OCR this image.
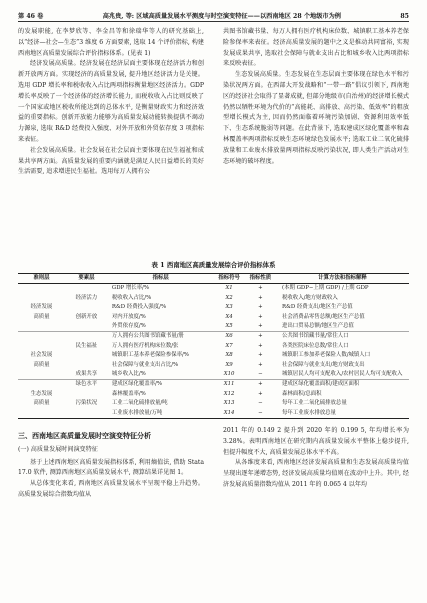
第 46 卷	高兆贵, 等: 区域高质量发展水平测度与时空演变特征——以西南地区 28 个地级市为例	85

的发展职能, 在李梦欣等、李金昌等和徐瑞华等人的研究基础上, 以“经济—社会—生态”3 维度 6 方面要素, 选取 14 个评价指标, 构建西南地区高质量发展综合评价指标体系。(见表 1)

经济发展高质量。经济发展在经济层面主要体现在经济活力和创新开放两方面。实现经济的高质量发展, 提升地区经济活力是关键。选用 GDP 增长率和税收收入占比两项指标衡量地区经济活力。GDP 增长率反映了一个经济体的经济增长能力, 而税收收入占比则反映了一个国家或地区税收所能达到的总体水平, 是衡量财政实力和经济效益的重要指标。创新开放能力能够为高质量发展动能转换提供不竭动力源泉, 选取 R&D 经费投入强度、对外开放和外贸依存度 3 项指标来表征。

社会发展高质量。社会发展在社会层面主要体现在民生福祉和成果共享两方面。高质量发展的重要内涵就是满足人民日益增长的美好生活需要, 追求增进民生福祉。选用每万人拥有公

共图书馆藏书量、每万人拥有医疗机构床位数、城镇职工基本养老保险参保率来表征。经济高质量发展的题中之义是推动共同富裕, 实现发展成果共享, 选取社会保障与就业支出占比和城乡收入比两项指标来反映表征。

生态发展高质量。生态发展在生态层面主要体现在绿色水平和污染状况两方面。在西部大开发战略和“一带一路”倡议引领下, 西南地区的经济社会取得了显著成就, 但部分地级市(自治州)的经济增长模式仍然以牺牲环境为代价的“高能耗、高排放、高污染、低效率”的粗放型增长模式为主, 因而仍然面临着环境污染加剧、资源利用效率低下、生态系统脆弱等问题。在此背景下, 选取建成区绿化覆盖率和森林覆盖率两项指标反映生态环境绿色发展水平; 选取工业二氧化硫排放量和工业废水排放量两项指标反映污染状况, 即人类生产活动对生态环境的破坏程度。

表 1 西南地区高质量发展综合评价指标体系
准则层	要素层	指标层	指标符号	指标性质	计算方法和指标解释
		GDP 增长率/%	X1	+	(本期 GDP−上期 GDP) /上期 GDP
	经济活力	税收收入占比/%	X2	+	税收收入/地方财政收入
经济发展		R&D 经费投入强度/%	X3	+	R&D 经费支出/地区生产总值
高质量	创新开放	对内开放度/%	X4	+	社会消费品零售总额/地区生产总值
		外贸依存度/%	X5	+	进出口贸易总额/地区生产总值
		万人拥有公共图书馆藏书量/册	X6	+	公共图书馆藏书量/常住人口
	民生福祉	万人拥有医疗机构床位数/张	X7	+	各类医院床位总数/常住人口
社会发展		城镇职工基本养老保险参保率/%	X8	+	城镇职工参加养老保险人数/城镇人口
高质量		社会保障与就业支出占比/%	X9	+	社会保障与就业支出/地方财政支出
	成果共享	城乡收入比/%	X10	−	城镇居民人均可支配收入/农村居民人均可支配收入
	绿色水平	建成区绿化覆盖率/%	X11	+	建成区绿化覆盖面积/建成区面积
生态发展		森林覆盖率/%	X12	+	森林面积/总面积
高质量	污染状况	工业二氧化硫排放量/吨	X13	−	每年工业二氧化硫排放总量
		工业废水排放量/万吨	X14	−	每年工业废水排放总量

三、西南地区高质量发展时空演变特征分析

(一) 高质量发展时间演变特征

基于上述西南地区高质量发展指标体系, 利用熵值法, 借助 Stata 17.0 软件, 测算西南地区高质量发展水平, 测算结果详见图 1。

从总体变化来看, 西南地区高质量发展水平呈现平稳上升趋势。高质量发展综合指数均值从

2011 年的 0.149 2 提升到 2020 年的 0.199 5, 年均增长率为 3.28%。表明西南地区在研究期内高质量发展水平整体上稳步提升, 但提升幅度不大, 高质量发展总体水平不高。

从各维度来看, 西南地区经济发展高质量和生态发展高质量均值呈现出逐年递增态势, 经济发展高质量均值则在波动中上升。其中, 经济发展高质量指数均值从 2011 年的 0.065 4 以年均
